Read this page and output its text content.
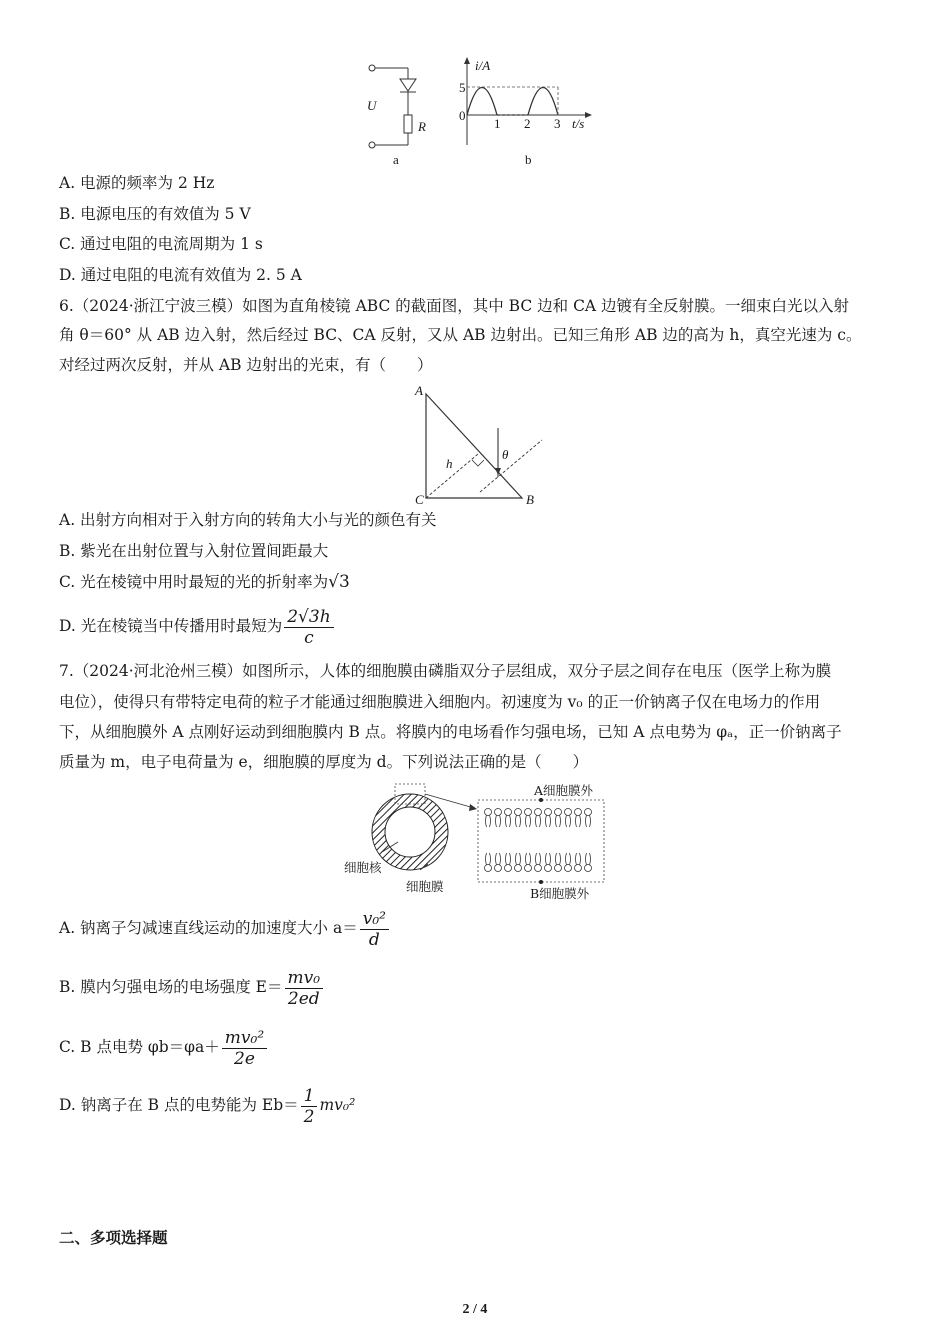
U
R
a
i/A
5
0
1 2 3 t/s
b
A. 电源的频率为 2 Hz
B. 电源电压的有效值为 5 V
C. 通过电阻的电流周期为 1 s
D. 通过电阻的电流有效值为 2. 5 A
6.（2024·浙江宁波三模）如图为直角棱镜 ABC 的截面图，其中 BC 边和 CA 边镀有全反射膜。一细束白光以入射
角 θ＝60° 从 AB 边入射，然后经过 BC、CA 反射，又从 AB 边射出。已知三角形 AB 边的高为 h，真空光速为 c。
对经过两次反射，并从 AB 边射出的光束，有（　　）
A
C	B
h
θ
A. 出射方向相对于入射方向的转角大小与光的颜色有关
B. 紫光在出射位置与入射位置间距最大
C. 光在棱镜中用时最短的光的折射率为√3
D. 光在棱镜当中传播用时最短为 $\frac{2√3h}{c}$
7.（2024·河北沧州三模）如图所示，人体的细胞膜由磷脂双分子层组成，双分子层之间存在电压（医学上称为膜
电位），使得只有带特定电荷的粒子才能通过细胞膜进入细胞内。初速度为 v₀ 的正一价钠离子仅在电场力的作用
下，从细胞膜外 A 点刚好运动到细胞膜内 B 点。将膜内的电场看作匀强电场，已知 A 点电势为 φₐ，正一价钠离子
质量为 m，电子电荷量为 e，细胞膜的厚度为 d。下列说法正确的是（　　）
A细胞膜外
B细胞膜外
细胞核
细胞膜
A. 钠离子匀减速直线运动的加速度大小 $a= \frac{\text{v₀²}}{d}$
B. 膜内匀强电场的电场强度 $E= \frac{\text{mv₀}}{2ed}$
C. B 点电势 $\varphi b=\varphi a+ \frac{\text{mv₀²}}{2e}$
D. 钠离子在 B 点的电势能为 $Eb= \frac{1}{2} mv_0^2$
二、多项选择题
2 / 4
